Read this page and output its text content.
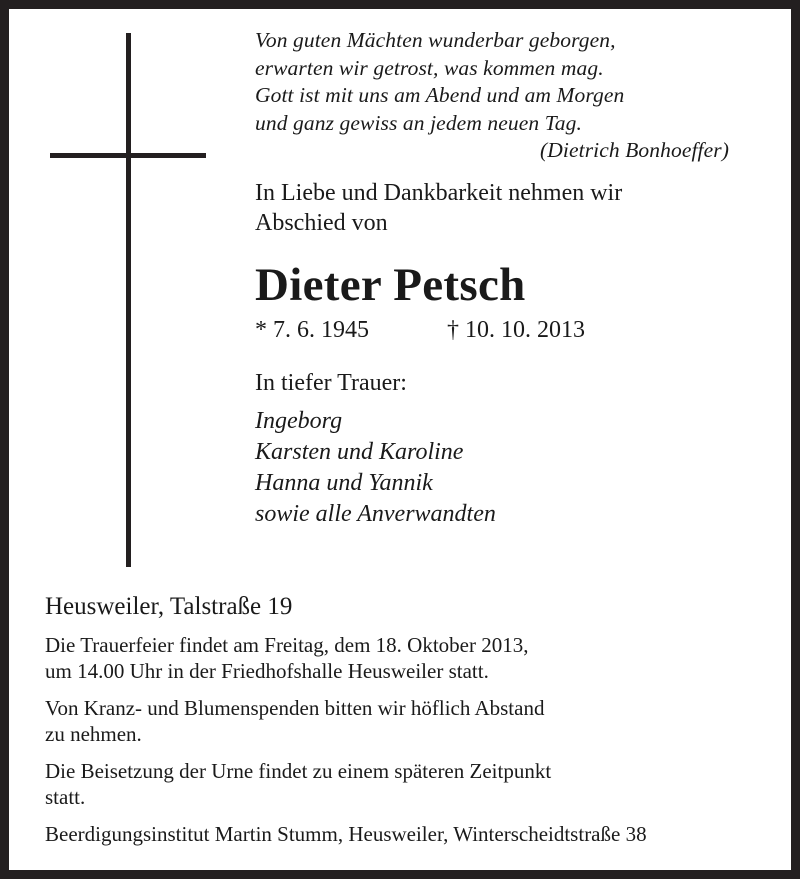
Von guten Mächten wunderbar geborgen,
erwarten wir getrost, was kommen mag.
Gott ist mit uns am Abend und am Morgen
und ganz gewiss an jedem neuen Tag.
(Dietrich Bonhoeffer)
In Liebe und Dankbarkeit nehmen wir
Abschied von
Dieter Petsch
* 7. 6. 1945	† 10. 10. 2013
In tiefer Trauer:
Ingeborg
Karsten und Karoline
Hanna und Yannik
sowie alle Anverwandten
Heusweiler, Talstraße 19
Die Trauerfeier findet am Freitag, dem 18. Oktober 2013,
um 14.00 Uhr in der Friedhofshalle Heusweiler statt.
Von Kranz- und Blumenspenden bitten wir höflich Abstand
zu nehmen.
Die Beisetzung der Urne findet zu einem späteren Zeitpunkt
statt.
Beerdigungsinstitut Martin Stumm, Heusweiler, Winterscheidtstraße 38
